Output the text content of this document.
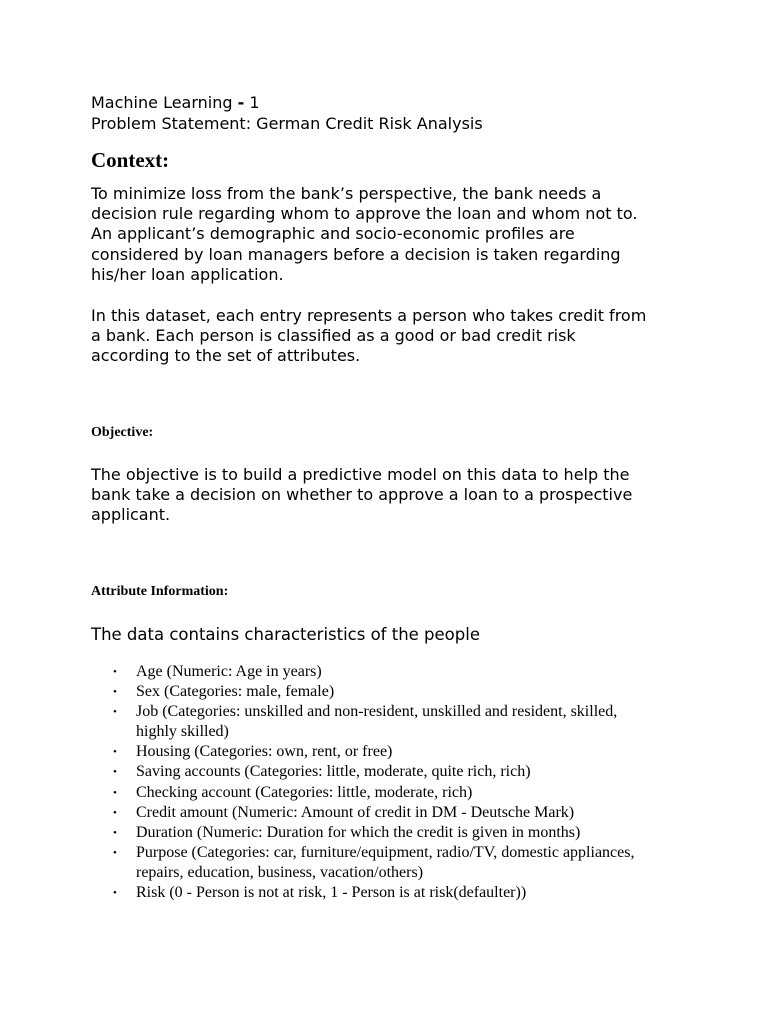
Machine Learning - 1
Problem Statement: German Credit Risk Analysis
Context:
To minimize loss from the bank’s perspective, the bank needs a
decision rule regarding whom to approve the loan and whom not to.
An applicant’s demographic and socio-economic profiles are
considered by loan managers before a decision is taken regarding
his/her loan application.
In this dataset, each entry represents a person who takes credit from
a bank. Each person is classified as a good or bad credit risk
according to the set of attributes.
Objective:
The objective is to build a predictive model on this data to help the
bank take a decision on whether to approve a loan to a prospective
applicant.
Attribute Information:
The data contains characteristics of the people
• Age (Numeric: Age in years)
• Sex (Categories: male, female)
• Job (Categories: unskilled and non-resident, unskilled and resident, skilled,
highly skilled)
• Housing (Categories: own, rent, or free)
• Saving accounts (Categories: little, moderate, quite rich, rich)
• Checking account (Categories: little, moderate, rich)
• Credit amount (Numeric: Amount of credit in DM - Deutsche Mark)
• Duration (Numeric: Duration for which the credit is given in months)
• Purpose (Categories: car, furniture/equipment, radio/TV, domestic appliances,
repairs, education, business, vacation/others)
• Risk (0 - Person is not at risk, 1 - Person is at risk(defaulter))
